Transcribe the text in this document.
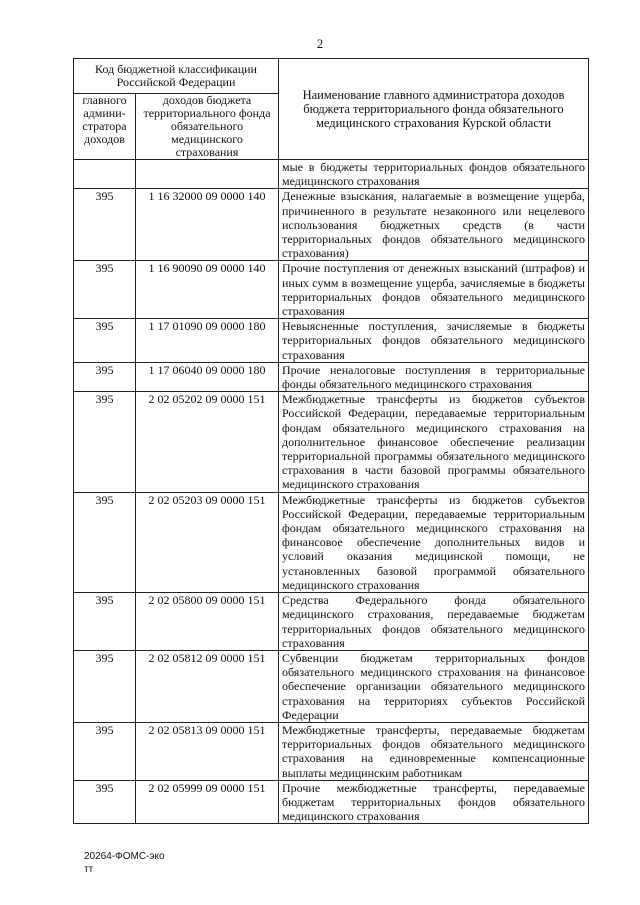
2
Код бюджетной классификации Российской Федерации		Наименование главного администратора доходов бюджета территориального фонда обязательного медицинского страхования Курской области
главного админи-стратора доходов	доходов бюджета территориального фонда обязательного медицинского страхования	
		мые в бюджеты территориальных фондов обязательного медицинского страхования
395	1 16 32000 09 0000 140	Денежные взыскания, налагаемые в возмещение ущерба, причиненного в результате незаконного или нецелевого использования бюджетных средств (в части территориальных фондов обязательного медицинского страхования)
395	1 16 90090 09 0000 140	Прочие поступления от денежных взысканий (штрафов) и иных сумм в возмещение ущерба, зачисляемые в бюджеты территориальных фондов обязательного медицинского страхования
395	1 17 01090 09 0000 180	Невыясненные поступления, зачисляемые в бюджеты территориальных фондов обязательного медицинского страхования
395	1 17 06040 09 0000 180	Прочие неналоговые поступления в территориальные фонды обязательного медицинского страхования
395	2 02 05202 09 0000 151	Межбюджетные трансферты из бюджетов субъектов Российской Федерации, передаваемые территориальным фондам обязательного медицинского страхования на дополнительное финансовое обеспечение реализации территориальной программы обязательного медицинского страхования в части базовой программы обязательного медицинского страхования
395	2 02 05203 09 0000 151	Межбюджетные трансферты из бюджетов субъектов Российской Федерации, передаваемые территориальным фондам обязательного медицинского страхования на финансовое обеспечение дополнительных видов и условий оказания медицинской помощи, не установленных базовой программой обязательного медицинского страхования
395	2 02 05800 09 0000 151	Средства Федерального фонда обязательного медицинского страхования, передаваемые бюджетам территориальных фондов обязательного медицинского страхования
395	2 02 05812 09 0000 151	Субвенции бюджетам территориальных фондов обязательного медицинского страхования на финансовое обеспечение организации обязательного медицинского страхования на территориях субъектов Российской Федерации
395	2 02 05813 09 0000 151	Межбюджетные трансферты, передаваемые бюджетам территориальных фондов обязательного медицинского страхования на единовременные компенсационные выплаты медицинским работникам
395	2 02 05999 09 0000 151	Прочие межбюджетные трансферты, передаваемые бюджетам территориальных фондов обязательного медицинского страхования
20264-ФОМС-эко
тт
